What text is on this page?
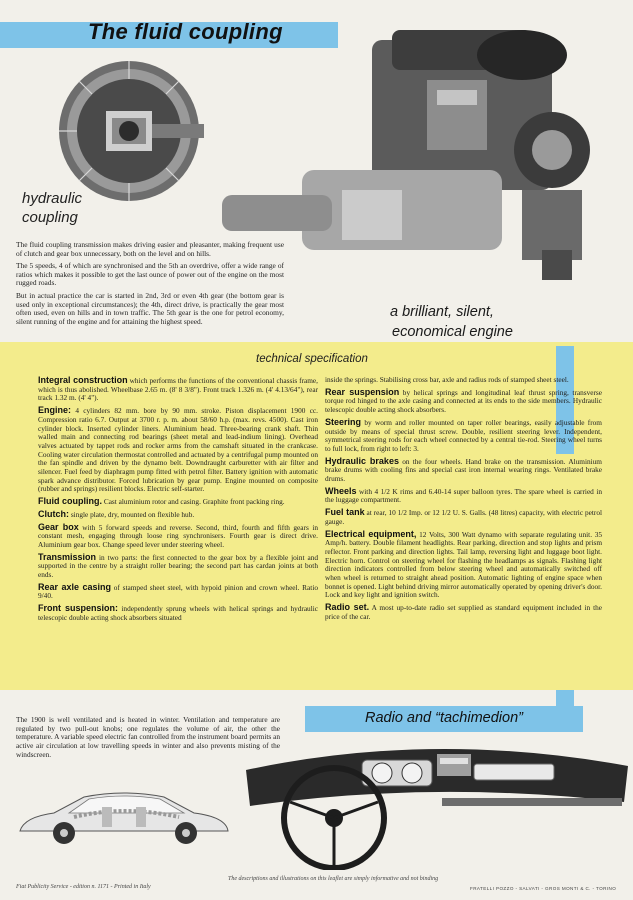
The fluid coupling
hydraulic
coupling

The fluid coupling transmission makes driving easier and pleasanter, making frequent use of clutch and gear box unnecessary, both on the level and on hills.

The 5 speeds, 4 of which are synchronised and the 5th an overdrive, offer a wide range of ratios which makes it possible to get the last ounce of power out of the engine on the most rugged roads.

But in actual practice the car is started in 2nd, 3rd or even 4th gear (the bottom gear is used only in exceptional circumstances); the 4th, direct drive, is practically the gear most often used, even on hills and in town traffic. The 5th gear is the one for petrol economy, silent running of the engine and for attaining the highest speed.

a brilliant, silent,
economical engine
technical specification
Integral construction which performs the functions of the conventional chassis frame, which is thus abolished. Wheelbase 2.65 m. (8' 8 3/8"). Front track 1.326 m. (4' 4.13/64"), rear track 1.32 m. (4' 4").
Engine: 4 cylinders 82 mm. bore by 90 mm. stroke. Piston displacement 1900 cc. Compression ratio 6.7. Output at 3700 r. p. m. about 58/60 h.p. (max. revs. 4500). Cast iron cylinder block. Inserted cylinder liners. Aluminium head. Three-bearing crank shaft. Thin walled main and connecting rod bearings (sheet metal and lead-indium lining). Overhead valves actuated by tappet rods and rocker arms from the camshaft situated in the crankcase. Cooling water circulation thermostat controlled and actuated by a centrifugal pump mounted on the fan spindle and driven by the dynamo belt. Downdraught carburetter with air filter and silencer. Fuel feed by diaphragm pump fitted with petrol filter. Battery ignition with automatic spark advance distributor. Forced lubrication by gear pump. Engine mounted on composite (rubber and springs) resilient blocks. Electric self-starter.
Fluid coupling. Cast aluminium rotor and casing. Graphite front packing ring.
Clutch: single plate, dry, mounted on flexible hub.
Gear box with 5 forward speeds and reverse. Second, third, fourth and fifth gears in constant mesh, engaging through loose ring synchronisers. Fourth gear is direct drive. Aluminium gear box. Change speed lever under steering wheel.
Transmission in two parts: the first connected to the gear box by a flexible joint and supported in the centre by a straight roller bearing; the second part has cardan joints at both ends.
Rear axle casing of stamped sheet steel, with hypoid pinion and crown wheel. Ratio 9/40.
Front suspension: independently sprung wheels with helical springs and hydraulic telescopic double acting shock absorbers situated
inside the springs. Stabilising cross bar, axle and radius rods of stamped sheet steel.
Rear suspension by helical springs and longitudinal leaf thrust spring, transverse torque rod hinged to the axle casing and connected at its ends to the side members. Hydraulic telescopic double acting shock absorbers.
Steering by worm and roller mounted on taper roller bearings, easily adjustable from outside by means of special thrust screw. Double, resilient steering lever. Independent, symmetrical steering rods for each wheel connected by a central tie-rod. Steering wheel turns to full lock, from right to left: 3.
Hydraulic brakes on the four wheels. Hand brake on the transmission. Aluminium brake drums with cooling fins and special cast iron internal wearing rings. Ventilated brake drums.
Wheels with 4 1/2 K rims and 6.40-14 super balloon tyres. The spare wheel is carried in the luggage compartment.
Fuel tank at rear, 10 1/2 Imp. or 12 1/2 U. S. Galls. (48 litres) capacity, with electric petrol gauge.
Electrical equipment, 12 Volts, 300 Watt dynamo with separate regulating unit. 35 Amp/h. battery. Double filament headlights. Rear parking, direction and stop lights and prism reflector. Front parking and direction lights. Tail lamp, reversing light and luggage boot light. Electric horn. Control on steering wheel for flashing the headlamps as signals. Flashing light direction indicators controlled from below steering wheel and automatically switched off when wheel is returned to straight ahead position. Automatic lighting of engine space when bonnet is opened. Light behind driving mirror automatically operated by opening driver's door. Lock and key light and ignition switch.
Radio set. A most up-to-date radio set supplied as standard equipment included in the price of the car.
Radio and “tachimedion”
The 1900 is well ventilated and is heated in winter. Ventilation and temperature are regulated by two pull-out knobs; one regulates the volume of air, the other the temperature. A variable speed electric fan controlled from the instrument board permits an active air circulation at low travelling speeds in winter and also prevents misting of the windscreen.
The descriptions and illustrations on this leaflet are simply informative and not binding
Fiat Publicity Service - edition n. 1171 - Printed in Italy	FRATELLI POZZO - SALVATI - GROS MONTI & C. - TORINO
